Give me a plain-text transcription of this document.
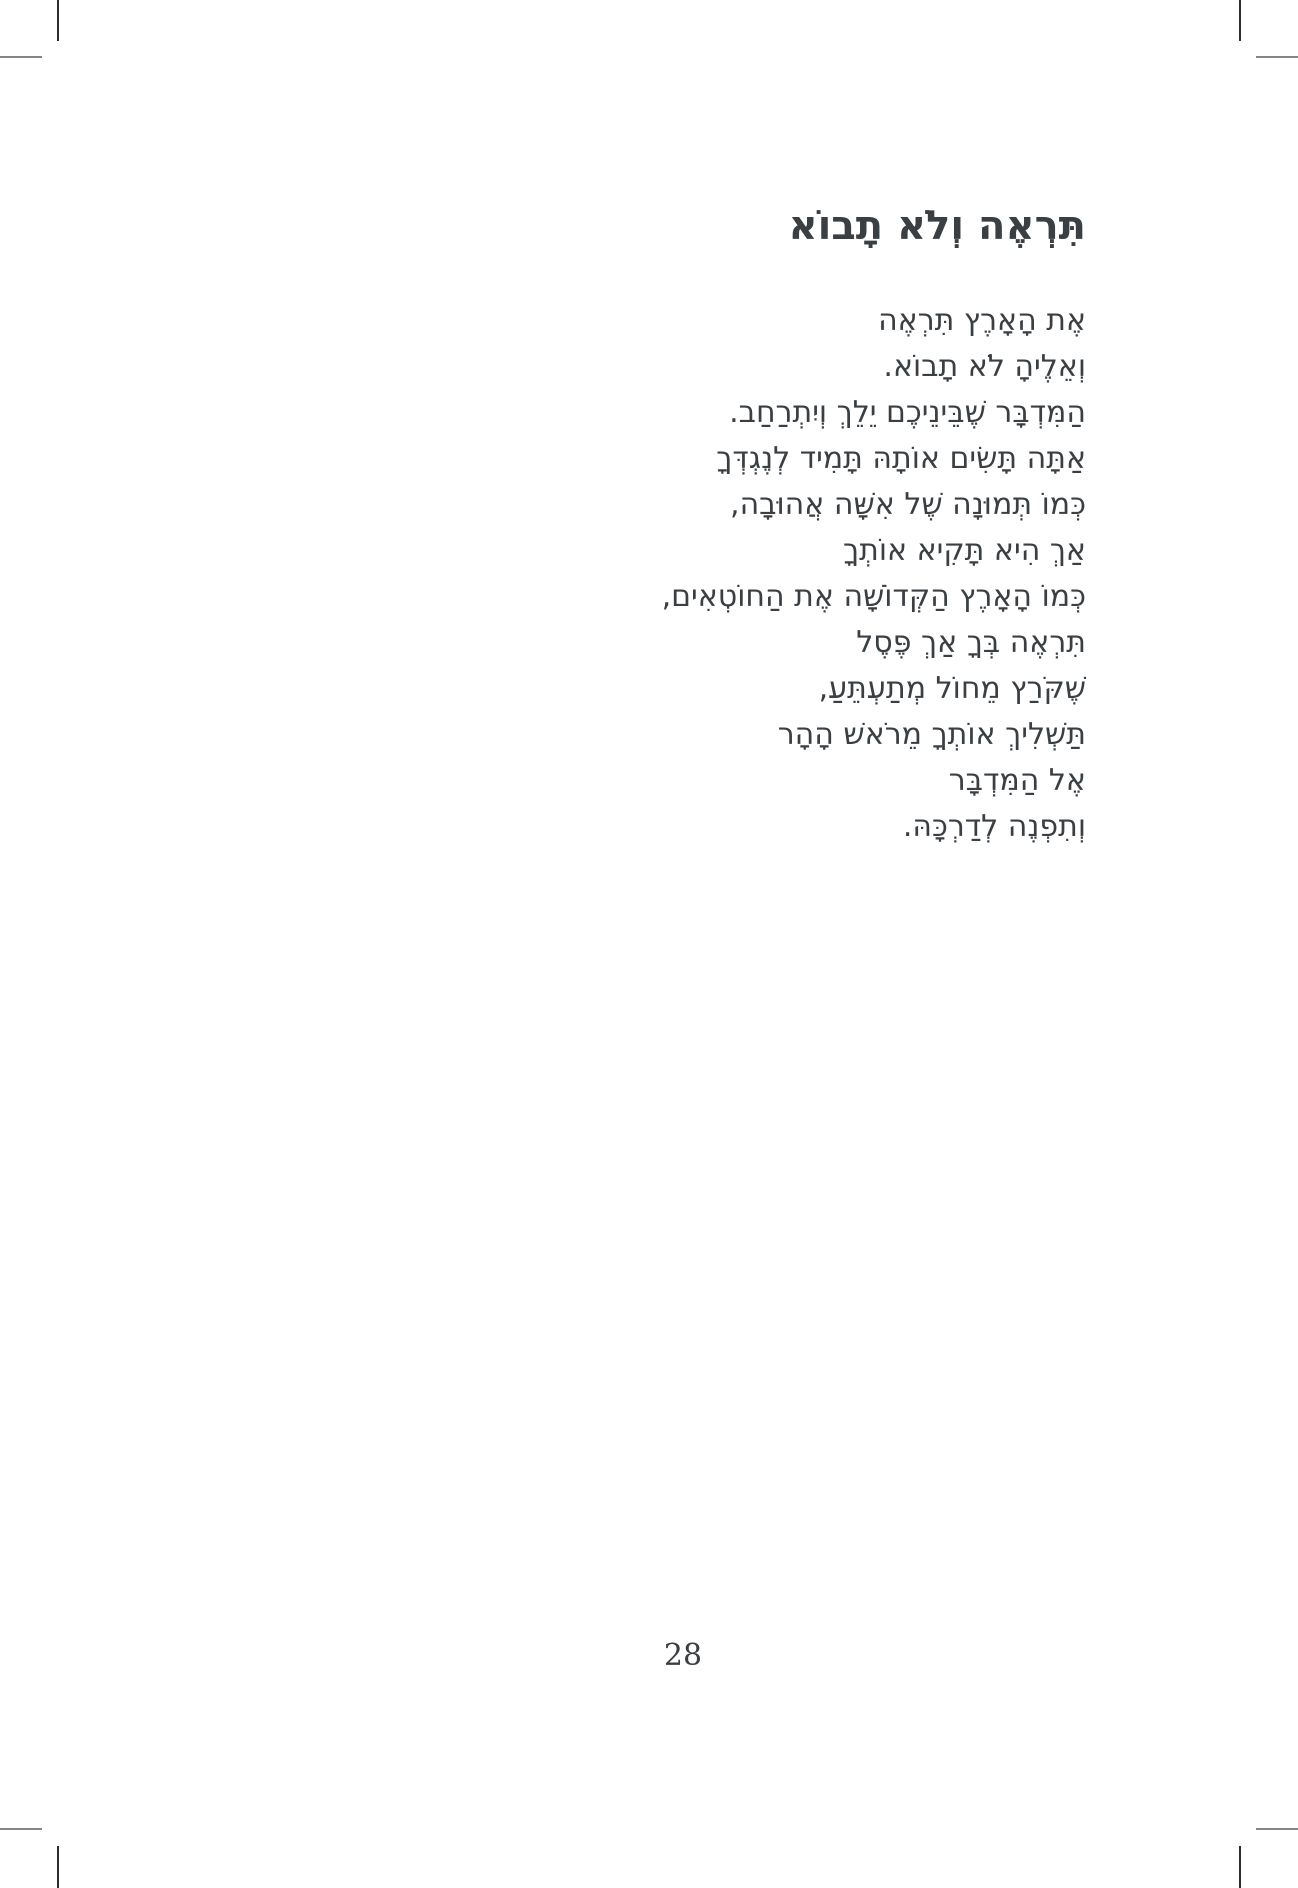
תִּרְאֶה וְלֹא תָבוֹא
אֶת הָאָרֶץ תִּרְאֶה
וְאֵלֶיהָ לֹא תָבוֹא.
הַמִּדְבָּר שֶׁבֵּינֵיכֶם יֵלֵךְ וְיִתְרַחַב.
אַתָּה תָּשִׂים אוֹתָהּ תָּמִיד לְנֶגְדְּךָ
כְּמוֹ תְּמוּנָה שֶׁל אִשָּׁה אֲהוּבָה,
אַךְ הִיא תָּקִיא אוֹתְךָ
כְּמוֹ הָאָרֶץ הַקְּדוֹשָׁה אֶת הַחוֹטְאִים,
תִּרְאֶה בְּךָ אַךְ פֶּסֶל
שֶׁקֹּרַץ מֵחוֹל מְתַעְתֵּעַ,
תַּשְׁלִיךְ אוֹתְךָ מֵרֹאשׁ הָהָר
אֶל הַמִּדְבָּר
וְתִפְנֶה לְדַרְכָּהּ.
28
